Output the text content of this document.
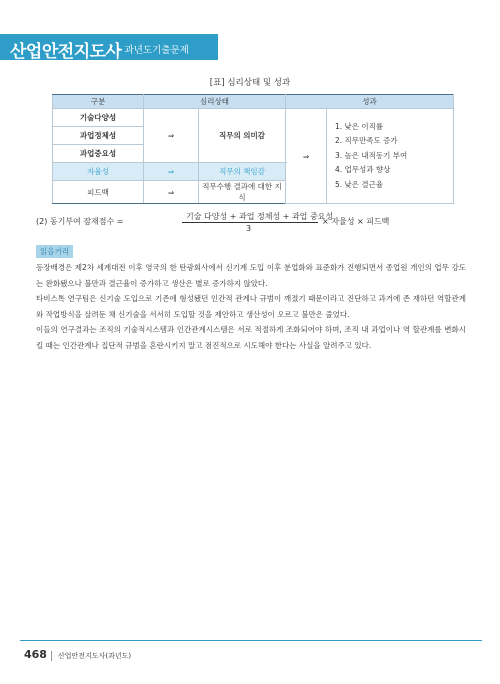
산업안전지도사
• 과년도기출문제
[표] 심리상태 및 성과
구분	심리상태		성과	
기술다양성	⇒	직무의 의미감	⇒	1. 낮은 이직률
2. 직무만족도 증가
3. 높은 내적동기 부여
4. 업무성과 향상
5. 낮은 결근율

과업정체성				
과업중요성				
자율성	⇒	직무의 책임감		
피드백	⇒	직무수행 결과에 대한 지식		
(2) 동기부여 잠재점수 =
기술 다양성 + 과업 정체성 + 과업 중요성
3
× 자율성 × 피드백
읽을거리
등장배경은 제2차 세계대전 이후 영국의 한 탄광회사에서 신기계 도입 이후 분업화와 표준화가 진행되면서 종업원 개인의 업무 강도는 완화됐으나 불만과 결근율이 증가하고 생산은 별로 증가하지 않았다.
타비스톡 연구팀은 신기술 도입으로 기존에 형성됐던 인간적 관계나 규범이 깨졌기 때문이라고 진단하고 과거에 존 재하던 역할관계와 작업방식을 살려둔 채 신기술을 서서히 도입할 것을 제안하고 생산성이 오르고 불만은 줄었다.
이들의 연구결과는 조직의 기술적시스템과 인간관계시스템은 서로 적절하게 조화되어야 하며, 조직 내 과업이나 역 할관계를 변화시킬 때는 인간관계나 집단적 규범을 혼란시키지 말고 점진적으로 시도해야 한다는 사실을 알려주고 있다.
468 산업안전지도사(과년도)
